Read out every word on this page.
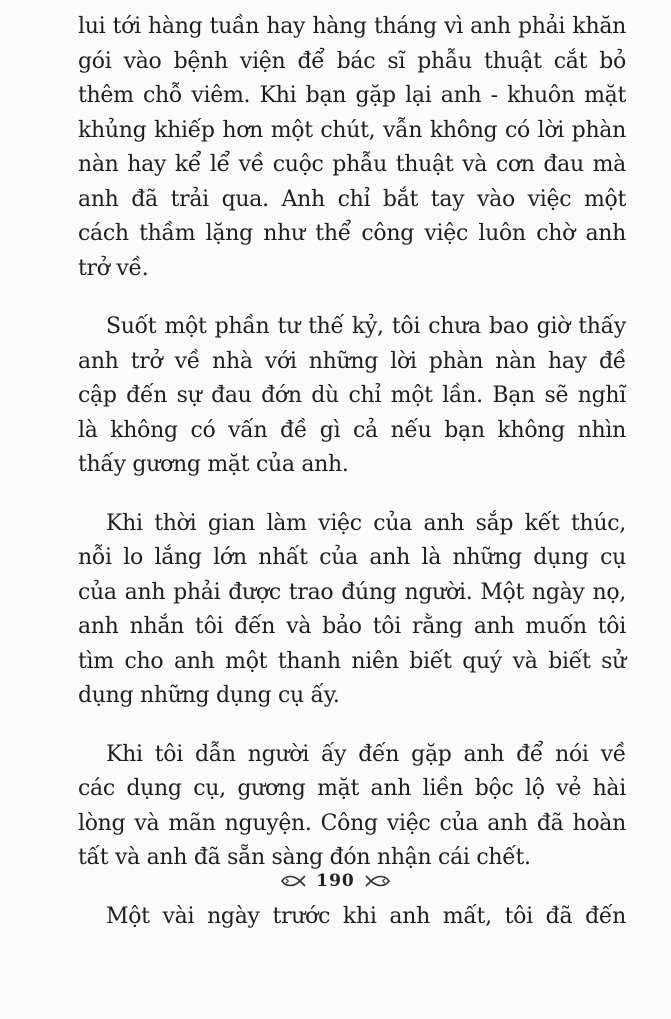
lui tới hàng tuần hay hàng tháng vì anh phải khăn
gói vào bệnh viện để bác sĩ phẫu thuật cắt bỏ
thêm chỗ viêm. Khi bạn gặp lại anh - khuôn mặt
khủng khiếp hơn một chút, vẫn không có lời phàn
nàn hay kể lể về cuộc phẫu thuật và cơn đau mà
anh đã trải qua. Anh chỉ bắt tay vào việc một
cách thầm lặng như thể công việc luôn chờ anh
trở về.
Suốt một phần tư thế kỷ, tôi chưa bao giờ thấy
anh trở về nhà với những lời phàn nàn hay đề
cập đến sự đau đớn dù chỉ một lần. Bạn sẽ nghĩ
là không có vấn đề gì cả nếu bạn không nhìn
thấy gương mặt của anh.
Khi thời gian làm việc của anh sắp kết thúc,
nỗi lo lắng lớn nhất của anh là những dụng cụ
của anh phải được trao đúng người. Một ngày nọ,
anh nhắn tôi đến và bảo tôi rằng anh muốn tôi
tìm cho anh một thanh niên biết quý và biết sử
dụng những dụng cụ ấy.
Khi tôi dẫn người ấy đến gặp anh để nói về
các dụng cụ, gương mặt anh liền bộc lộ vẻ hài
lòng và mãn nguyện. Công việc của anh đã hoàn
tất và anh đã sẵn sàng đón nhận cái chết.
Một vài ngày trước khi anh mất, tôi đã đến
190
